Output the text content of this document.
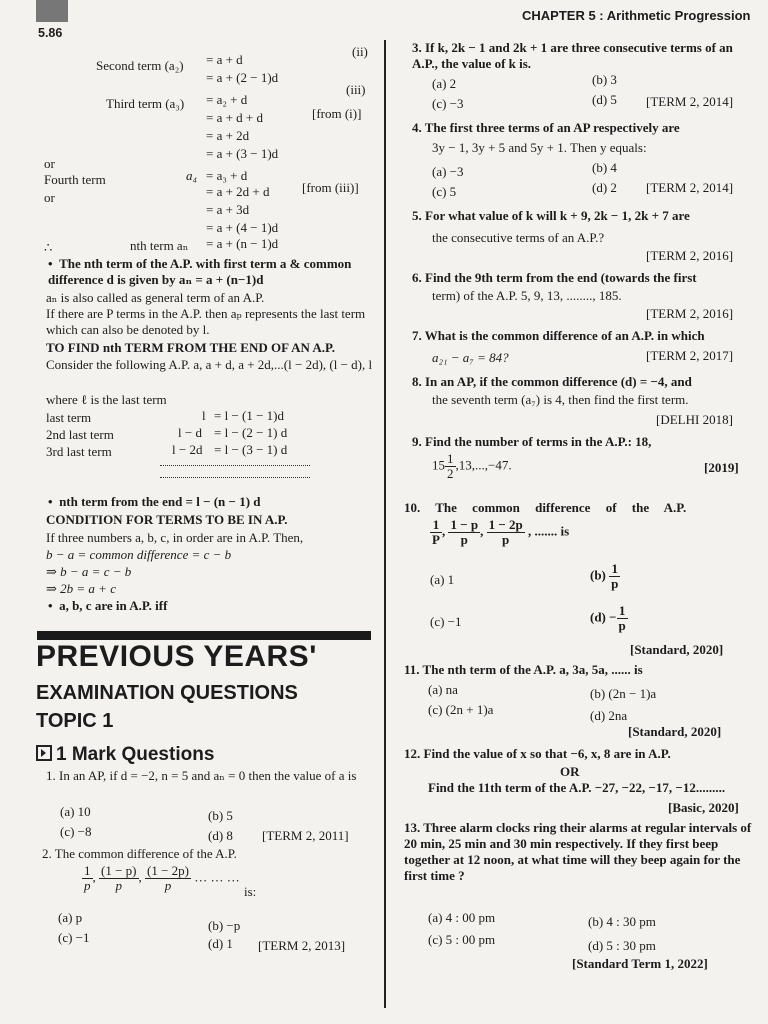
5.86
CHAPTER 5 : Arithmetic Progression
Second term (a₂) = a + d
(ii)
= a + (2 − 1)d
Third term (a₃) = a₂ + d
(iii)
= a + d + d	[from (i)]
= a + 2d
= a + (3 − 1)d
or
Fourth term	a₄ = a₃ + d
or	= a + 2d + d [from (iii)]
= a + 3d
= a + (4 − 1)d
∴	nth term aₙ = a + (n − 1)d
•  The nth term of the A.P. with first term a & common difference d is given by aₙ = a + (n−1)d
aₙ is also called as general term of an A.P.
If there are P terms in the A.P. then aₚ represents the last term which can also be denoted by l.
TO FIND nth TERM FROM THE END OF AN A.P.
Consider the following A.P. a, a + d, a + 2d,...(l − 2d), (l − d), l
where ℓ is the last term
last term	l = l − (1 − 1)d
2nd last term	l − d = l − (2 − 1) d
3rd last term	l − 2d = l − (3 − 1) d
•  nth term from the end = l − (n − 1) d
CONDITION FOR TERMS TO BE IN A.P.
If three numbers a, b, c, in order are in A.P. Then,
b − a = common difference = c − b
⇒ b − a = c − b
⇒ 2b = a + c
•  a, b, c are in A.P. iff
PREVIOUS YEARS'
EXAMINATION QUESTIONS
TOPIC 1
1 Mark Questions
1. In an AP, if d = −2, n = 5 and aₙ = 0 then the value of a is
(a) 10	(b) 5
(c) −8	(d) 8 [TERM 2, 2011]
2. The common difference of the A.P.
$\frac{1}{p}$ , $\frac{(1 - p)}{p}$ , $\frac{(1 - 2p)}{p}$ … … …
is:
(a) p
(b) −p
(c) −1	(d) 1 [TERM 2, 2013]
3. If k, 2k − 1 and 2k + 1 are three consecutive terms of an A.P., the value of k is.
(a) 2	(b) 3
(c) −3	(d) 5 [TERM 2, 2014]
4. The first three terms of an AP respectively are
3y − 1, 3y + 5 and 5y + 1. Then y equals:
(a) −3	(b) 4
(c) 5	(d) 2 [TERM 2, 2014]
5. For what value of k will k + 9, 2k − 1, 2k + 7 are
the consecutive terms of an A.P.?
[TERM 2, 2016]
6. Find the 9th term from the end (towards the first
term) of the A.P. 5, 9, 13, ........, 185.
[TERM 2, 2016]
7. What is the common difference of an A.P. in which
a₂₁ − a₇ = 84?	[TERM 2, 2017]
8. In an AP, if the common difference (d) = −4, and
the seventh term (a₇) is 4, then find the first term.
[DELHI 2018]
9. Find the number of terms in the A.P.: 18,
$15 \frac{1}{2} ,13,...,-47$.	[2019]
10. The common difference of the A.P.
$\frac{1}{P}$ , $\frac{1 - p}{p}$ , $\frac{1 - 2p}{p}$ , ....... is
(a) 1	$(b) \frac{1}{p}$
(c) −1	$(d) - \frac{1}{p}$
[Standard, 2020]
11. The nth term of the A.P. a, 3a, 5a, ...... is
(a) na	(b) (2n − 1)a
(c) (2n + 1)a	(d) 2na
[Standard, 2020]
12. Find the value of x so that −6, x, 8 are in A.P.
OR
Find the 11th term of the A.P. −27, −22, −17, −12.........
[Basic, 2020]
13. Three alarm clocks ring their alarms at regular intervals of 20 min, 25 min and 30 min respectively. If they first beep together at 12 noon, at what time will they beep again for the first time ?
(a) 4 : 00 pm	(b) 4 : 30 pm
(c) 5 : 00 pm	(d) 5 : 30 pm
[Standard Term 1, 2022]
